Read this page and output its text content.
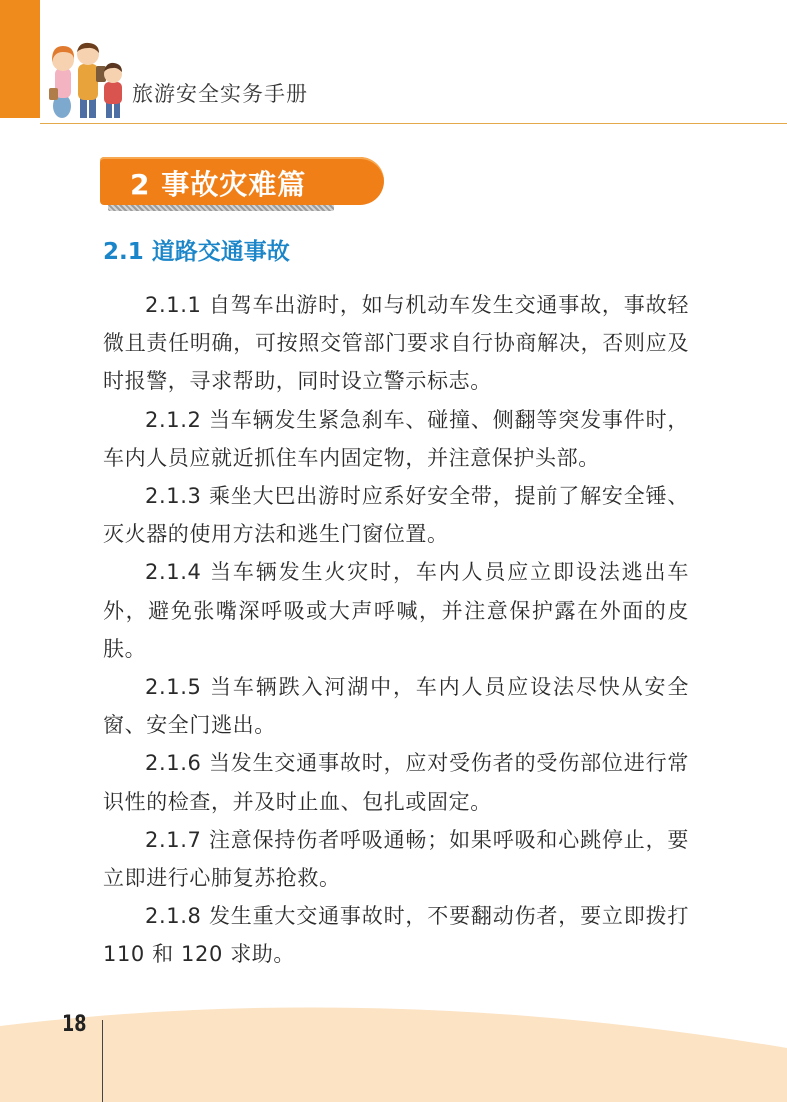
旅游安全实务手册
2 事故灾难篇
2.1 道路交通事故

2.1.1 自驾车出游时，如与机动车发生交通事故，事故轻微且责任明确，可按照交管部门要求自行协商解决，否则应及时报警，寻求帮助，同时设立警示标志。

2.1.2 当车辆发生紧急刹车、碰撞、侧翻等突发事件时，车内人员应就近抓住车内固定物，并注意保护头部。

2.1.3 乘坐大巴出游时应系好安全带，提前了解安全锤、灭火器的使用方法和逃生门窗位置。

2.1.4 当车辆发生火灾时，车内人员应立即设法逃出车外，避免张嘴深呼吸或大声呼喊，并注意保护露在外面的皮肤。

2.1.5 当车辆跌入河湖中，车内人员应设法尽快从安全窗、安全门逃出。

2.1.6 当发生交通事故时，应对受伤者的受伤部位进行常识性的检查，并及时止血、包扎或固定。

2.1.7 注意保持伤者呼吸通畅；如果呼吸和心跳停止，要立即进行心肺复苏抢救。

2.1.8 发生重大交通事故时，不要翻动伤者，要立即拨打 110 和 120 求助。

18
